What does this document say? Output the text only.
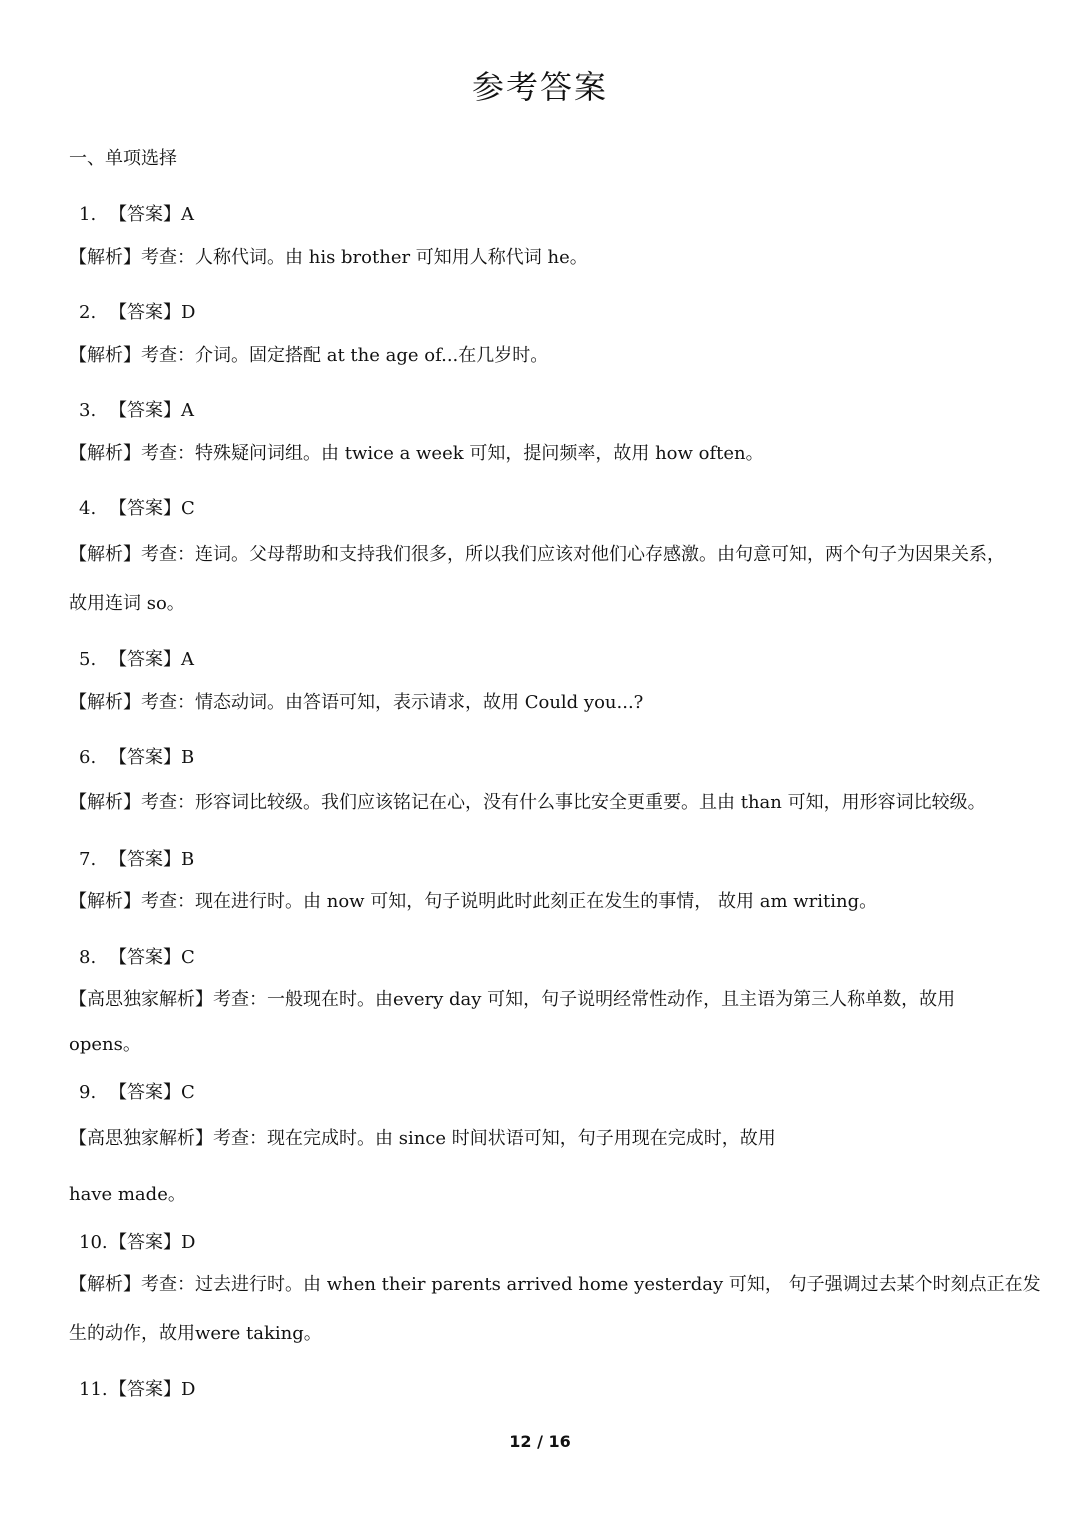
参考答案
一、单项选择
1. 【答案】A
【解析】考查：人称代词。由 his brother 可知用人称代词 he。
2. 【答案】D
【解析】考查：介词。固定搭配 at the age of...在几岁时。
3. 【答案】A
【解析】考查：特殊疑问词组。由 twice a week 可知，提问频率，故用 how often。
4. 【答案】C
【解析】考查：连词。父母帮助和支持我们很多，所以我们应该对他们心存感激。由句意可知，两个句子为因果关系，
故用连词 so。
5. 【答案】A
【解析】考查：情态动词。由答语可知，表示请求，故用 Could you...?
6. 【答案】B
【解析】考查：形容词比较级。我们应该铭记在心，没有什么事比安全更重要。且由 than 可知，用形容词比较级。
7. 【答案】B
【解析】考查：现在进行时。由 now 可知，句子说明此时此刻正在发生的事情， 故用 am writing。
8. 【答案】C
【高思独家解析】考查：一般现在时。由every day 可知，句子说明经常性动作，且主语为第三人称单数，故用
opens。
9. 【答案】C
【高思独家解析】考查：现在完成时。由 since 时间状语可知，句子用现在完成时，故用
have made。
10.【答案】D
【解析】考查：过去进行时。由 when their parents arrived home yesterday 可知， 句子强调过去某个时刻点正在发
生的动作，故用were taking。
11.【答案】D
12 / 16
